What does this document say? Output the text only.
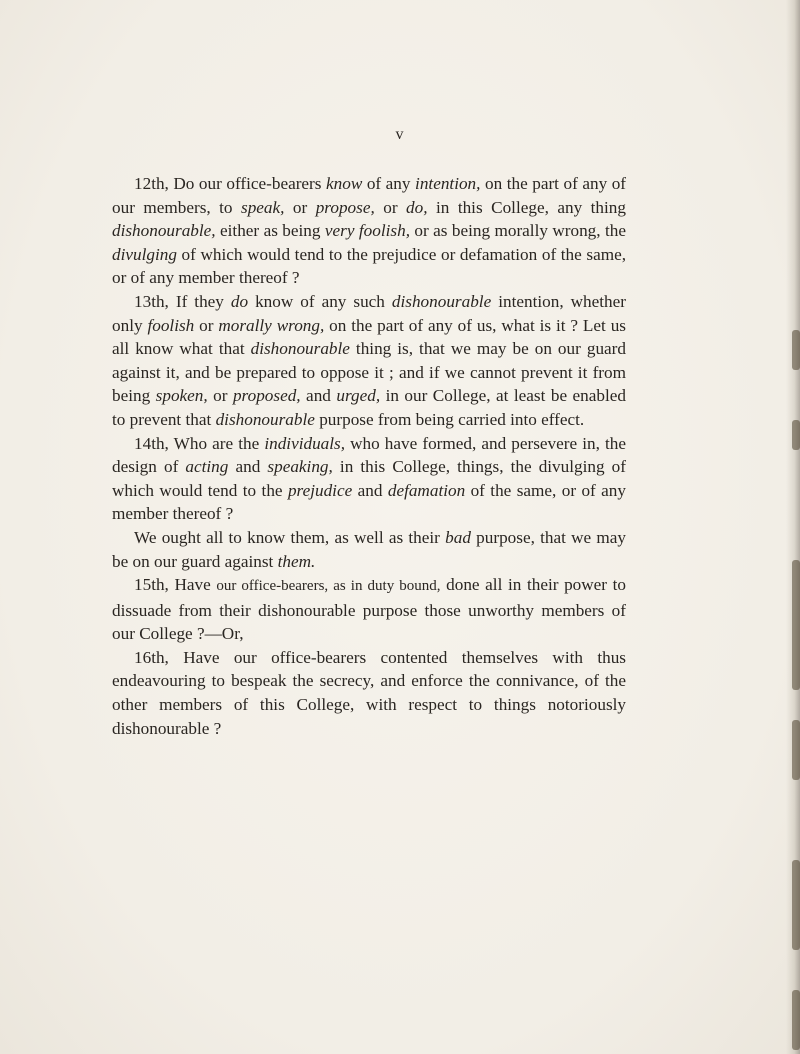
v

12th, Do our office-bearers know of any intention, on the part of any of our members, to speak, or propose, or do, in this College, any thing dishonourable, either as being very foolish, or as being morally wrong, the divulging of which would tend to the prejudice or defamation of the same, or of any member thereof ?

13th, If they do know of any such dishonourable intention, whether only foolish or morally wrong, on the part of any of us, what is it ? Let us all know what that dishonourable thing is, that we may be on our guard against it, and be prepared to oppose it ; and if we cannot prevent it from being spoken, or proposed, and urged, in our College, at least be enabled to prevent that dishonourable purpose from being carried into effect.

14th, Who are the individuals, who have formed, and persevere in, the design of acting and speaking, in this College, things, the divulging of which would tend to the prejudice and defamation of the same, or of any member thereof ?

We ought all to know them, as well as their bad purpose, that we may be on our guard against them.

15th, Have our office-bearers, as in duty bound, done all in their power to dissuade from their dishonourable purpose those unworthy members of our College ?—Or,

16th, Have our office-bearers contented themselves with thus endeavouring to bespeak the secrecy, and enforce the connivance, of the other members of this College, with respect to things notoriously dishonourable ?
